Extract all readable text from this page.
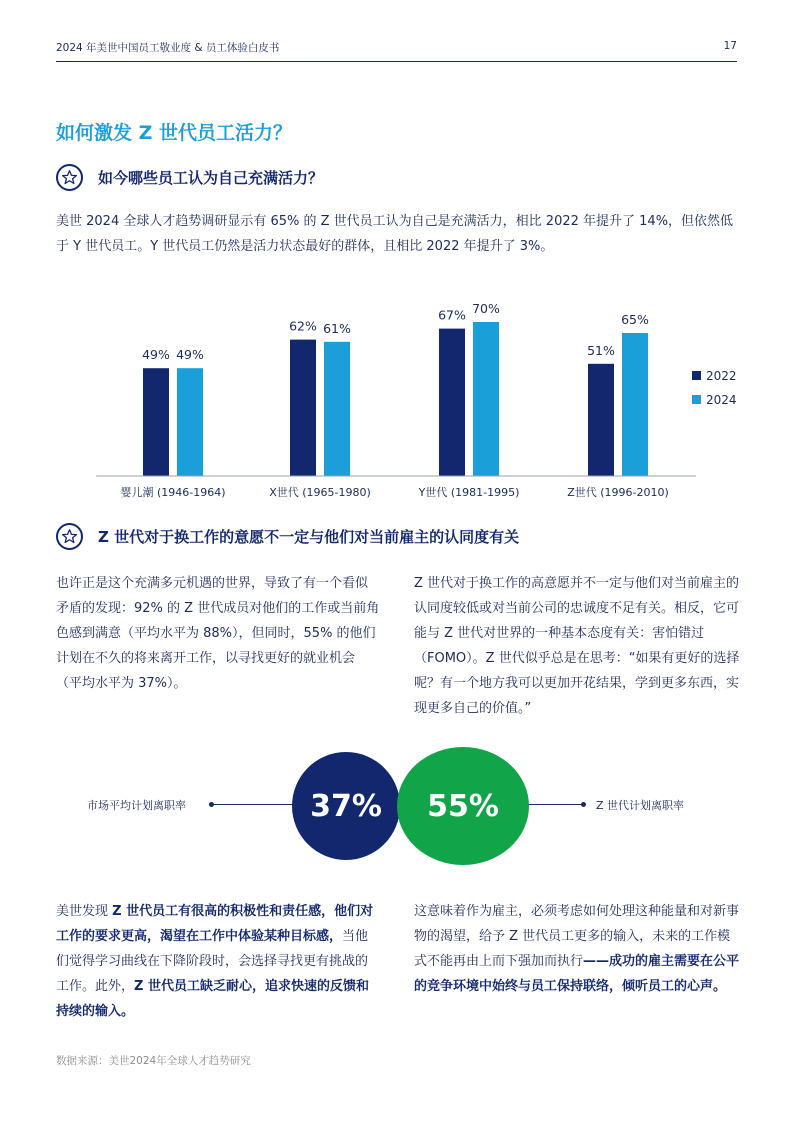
2024 年美世中国员工敬业度 & 员工体验白皮书	17
如何激发 Z 世代员工活力？
如今哪些员工认为自己充满活力？
美世 2024 全球人才趋势调研显示有 65% 的 Z 世代员工认为自己是充满活力，相比 2022 年提升了 14%，但依然低于 Y 世代员工。Y 世代员工仍然是活力状态最好的群体，且相比 2022 年提升了 3%。
49% 49%
婴儿潮 (1946-1964)
62% 61%
X世代 (1965-1980)
67% 70%
Y世代 (1981-1995)
51%
65%
Z世代 (1996-2010)
2022
2024
Z 世代对于换工作的意愿不一定与他们对当前雇主的认同度有关
也许正是这个充满多元机遇的世界，导致了有一个看似矛盾的发现：92% 的 Z 世代成员对他们的工作或当前角色感到满意（平均水平为 88%），但同时，55% 的他们计划在不久的将来离开工作，以寻找更好的就业机会（平均水平为 37%）。
Z 世代对于换工作的高意愿并不一定与他们对当前雇主的认同度较低或对当前公司的忠诚度不足有关。相反，它可能与 Z 世代对世界的一种基本态度有关：害怕错过（FOMO）。Z 世代似乎总是在思考：“如果有更好的选择呢？有一个地方我可以更加开花结果，学到更多东西，实现更多自己的价值。”
市场平均计划离职率	Z 世代计划离职率
37% 55%
美世发现 Z 世代员工有很高的积极性和责任感，他们对工作的要求更高，渴望在工作中体验某种目标感，当他们觉得学习曲线在下降阶段时，会选择寻找更有挑战的工作。此外，Z 世代员工缺乏耐心，追求快速的反馈和持续的输入。
这意味着作为雇主，必须考虑如何处理这种能量和对新事物的渴望，给予 Z 世代员工更多的输入，未来的工作模式不能再由上而下强加而执行——成功的雇主需要在公平的竞争环境中始终与员工保持联络，倾听员工的心声。
数据来源：美世2024年全球人才趋势研究
